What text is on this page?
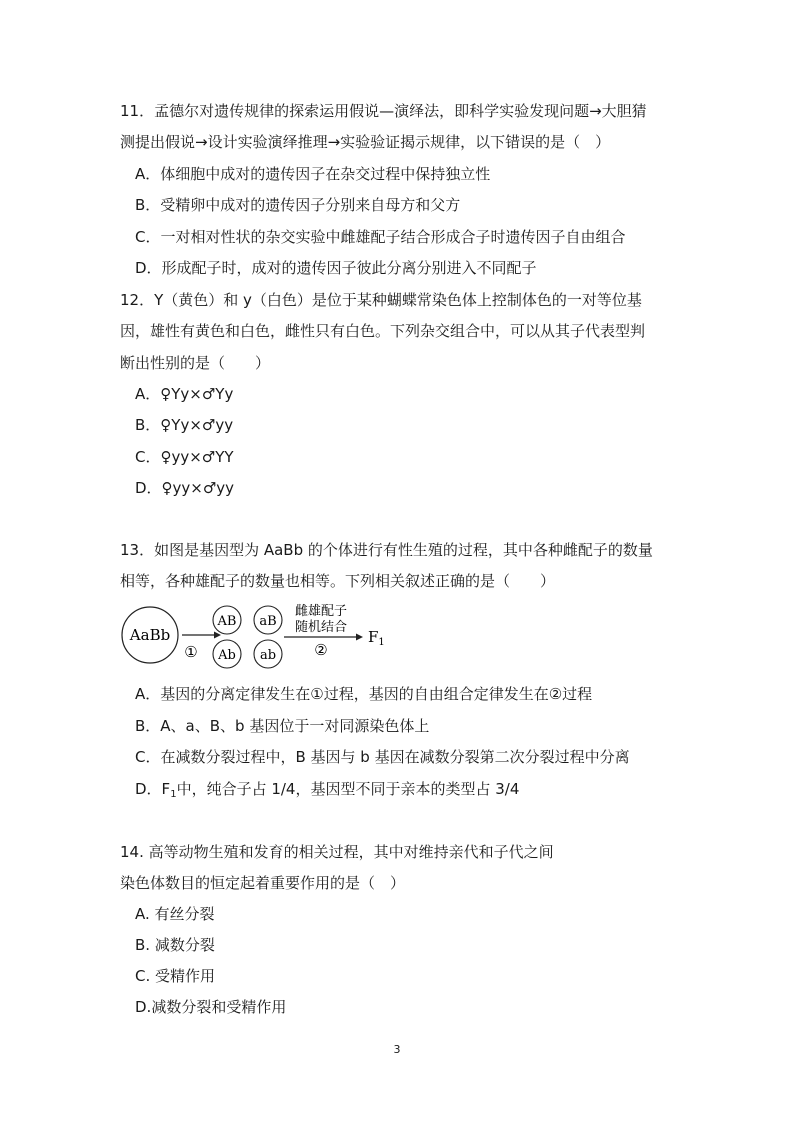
11．孟德尔对遗传规律的探索运用假说—演绎法，即科学实验发现问题→大胆猜
测提出假说→设计实验演绎推理→实验验证揭示规律，以下错误的是（　）
A．体细胞中成对的遗传因子在杂交过程中保持独立性
B．受精卵中成对的遗传因子分别来自母方和父方
C．一对相对性状的杂交实验中雌雄配子结合形成合子时遗传因子自由组合
D．形成配子时，成对的遗传因子彼此分离分别进入不同配子
12．Y（黄色）和 y（白色）是位于某种蝴蝶常染色体上控制体色的一对等位基
因，雄性有黄色和白色，雌性只有白色。下列杂交组合中，可以从其子代表型判
断出性别的是（　　）
A．♀Yy×♂Yy
B．♀Yy×♂yy
C．♀yy×♂YY
D．♀yy×♂yy
13．如图是基因型为 AaBb 的个体进行有性生殖的过程，其中各种雌配子的数量
相等，各种雄配子的数量也相等。下列相关叙述正确的是（　　）
AaBb
①
AB aB
Ab ab
雌雄配子
随机结合
②
$F_1$
A．基因的分离定律发生在①过程，基因的自由组合定律发生在②过程
B．A、a、B、b 基因位于一对同源染色体上
C．在减数分裂过程中，B 基因与 b 基因在减数分裂第二次分裂过程中分离
D．$F_1$中，纯合子占 1/4，基因型不同于亲本的类型占 3/4
14. 高等动物生殖和发育的相关过程，其中对维持亲代和子代之间
染色体数目的恒定起着重要作用的是（　）
A. 有丝分裂
B. 减数分裂
C. 受精作用
D.减数分裂和受精作用
3
